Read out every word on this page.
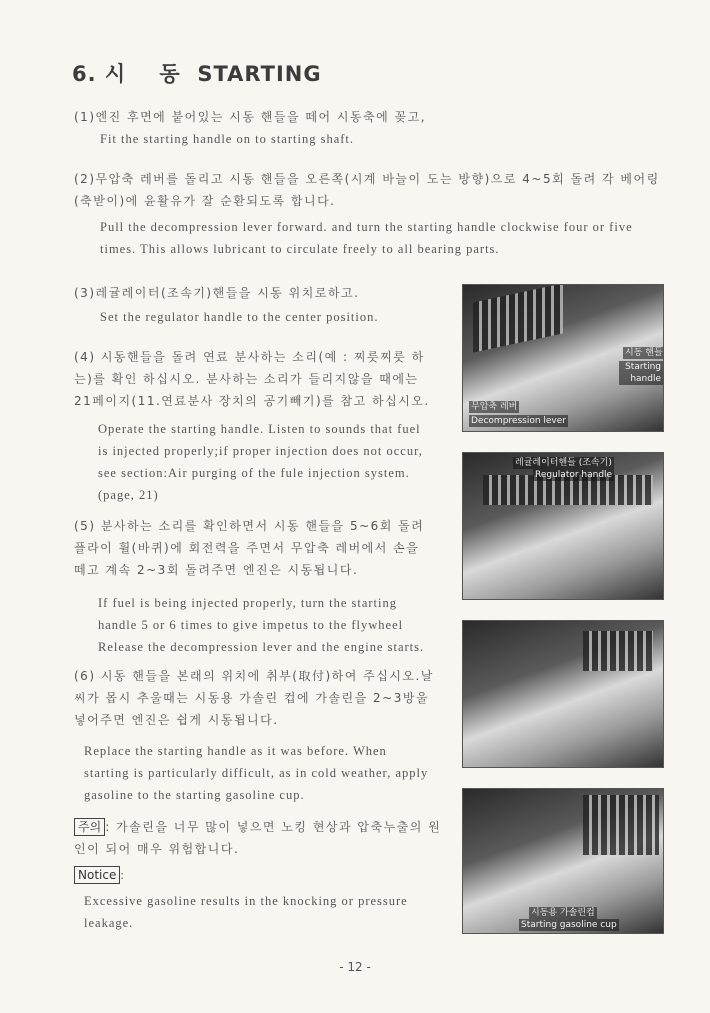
6. 시    동  STARTING
(1)엔진 후면에 붙어있는 시동 핸들을 떼어 시동축에 꽂고,
Fit the starting handle on to starting shaft.
(2)무압축 레버를 돌리고 시동 핸들을 오른쪽(시계 바늘이 도는 방향)으로 4~5회 돌려 각 베어링(축받이)에 윤활유가 잘 순환되도록 합니다.
Pull the decompression lever forward. and turn the starting handle clockwise four or five times. This allows lubricant to circulate freely to all bearing parts.
(3)레귤레이터(조속기)핸들을 시동 위치로하고.
Set the regulator handle to the center position.
(4) 시동핸들을 돌려 연료 분사하는 소리(예 : 찌릇찌릇 하는)를 확인 하십시오. 분사하는 소리가 들리지않을 때에는 21페이지(11.연료분사 장치의 공기빼기)를 참고 하십시오.
Operate the starting handle. Listen to sounds that fuel is injected properly;if proper injection does not occur, see section:Air purging of the fule injection system. (page, 21)
(5) 분사하는 소리를 확인하면서 시동 핸들을 5~6회 돌려 플라이 휠(바퀴)에 회전력을 주면서 무압축 레버에서 손을 떼고 계속 2~3회 돌려주면 엔진은 시동됩니다.
If fuel is being injected properly, turn the starting handle 5 or 6 times to give impetus to the flywheel Release the decompression lever and the engine starts.
(6) 시동 핸들을 본래의 위치에 취부(取付)하여 주십시오.날씨가 몹시 추울때는 시동용 가솔린 컵에 가솔린을 2~3방울 넣어주면 엔진은 쉽게 시동됩니다.
Replace the starting handle as it was before. When starting is particularly difficult, as in cold weather, apply gasoline to the starting gasoline cup.
주의 : 가솔린을 너무 많이 넣으면 노킹 현상과 압축누출의 원인이 되어 매우 위험합니다.
Notice :
Excessive gasoline results in the knocking or pressure leakage.
시동 핸들
Starting handle
무압축 레버
Decompression lever
레귤레이터핸들 (조속기)
Regulator handle
시동용 가솔린컵
Starting gasoline cup
- 12 -
